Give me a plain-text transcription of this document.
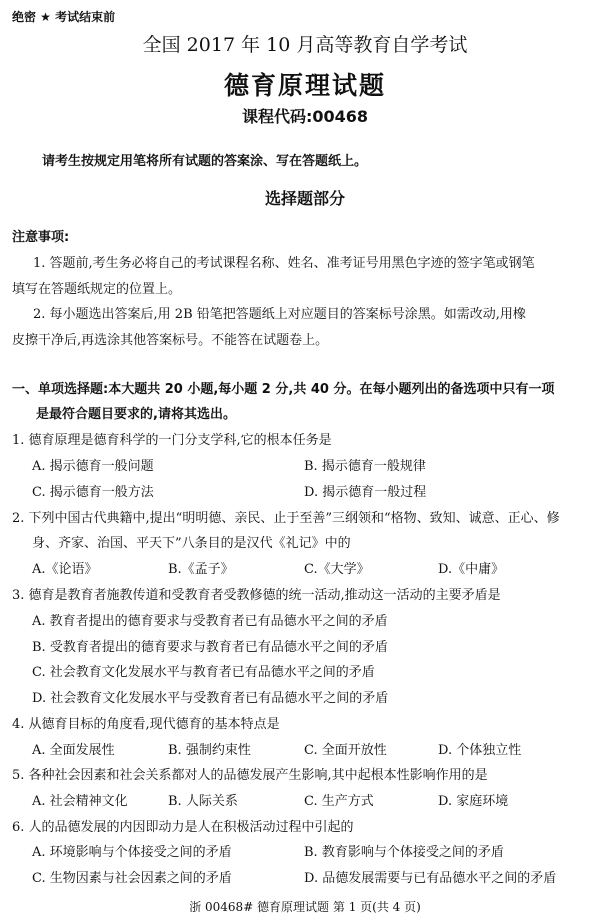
绝密 ★ 考试结束前
全国 2017 年 10 月高等教育自学考试
德育原理试题
课程代码:00468
请考生按规定用笔将所有试题的答案涂、写在答题纸上。
选择题部分
注意事项:
1. 答题前,考生务必将自己的考试课程名称、姓名、准考证号用黑色字迹的签字笔或钢笔
填写在答题纸规定的位置上。
2. 每小题选出答案后,用 2B 铅笔把答题纸上对应题目的答案标号涂黑。如需改动,用橡
皮擦干净后,再选涂其他答案标号。不能答在试题卷上。
一、单项选择题:本大题共 20 小题,每小题 2 分,共 40 分。在每小题列出的备选项中只有一项
是最符合题目要求的,请将其选出。
1. 德育原理是德育科学的一门分支学科,它的根本任务是
A. 揭示德育一般问题	B. 揭示德育一般规律
C. 揭示德育一般方法	D. 揭示德育一般过程
2. 下列中国古代典籍中,提出“明明德、亲民、止于至善”三纲领和“格物、致知、诚意、正心、修
身、齐家、治国、平天下”八条目的是汉代《礼记》中的
A.《论语》	B.《孟子》	C.《大学》	D.《中庸》
3. 德育是教育者施教传道和受教育者受教修德的统一活动,推动这一活动的主要矛盾是
A. 教育者提出的德育要求与受教育者已有品德水平之间的矛盾
B. 受教育者提出的德育要求与教育者已有品德水平之间的矛盾
C. 社会教育文化发展水平与教育者已有品德水平之间的矛盾
D. 社会教育文化发展水平与受教育者已有品德水平之间的矛盾
4. 从德育目标的角度看,现代德育的基本特点是
A. 全面发展性	B. 强制约束性	C. 全面开放性	D. 个体独立性
5. 各种社会因素和社会关系都对人的品德发展产生影响,其中起根本性影响作用的是
A. 社会精神文化	B. 人际关系	C. 生产方式	D. 家庭环境
6. 人的品德发展的内因即动力是人在积极活动过程中引起的
A. 环境影响与个体接受之间的矛盾	B. 教育影响与个体接受之间的矛盾
C. 生物因素与社会因素之间的矛盾	D. 品德发展需要与已有品德水平之间的矛盾
浙 00468# 德育原理试题 第 1 页(共 4 页)
